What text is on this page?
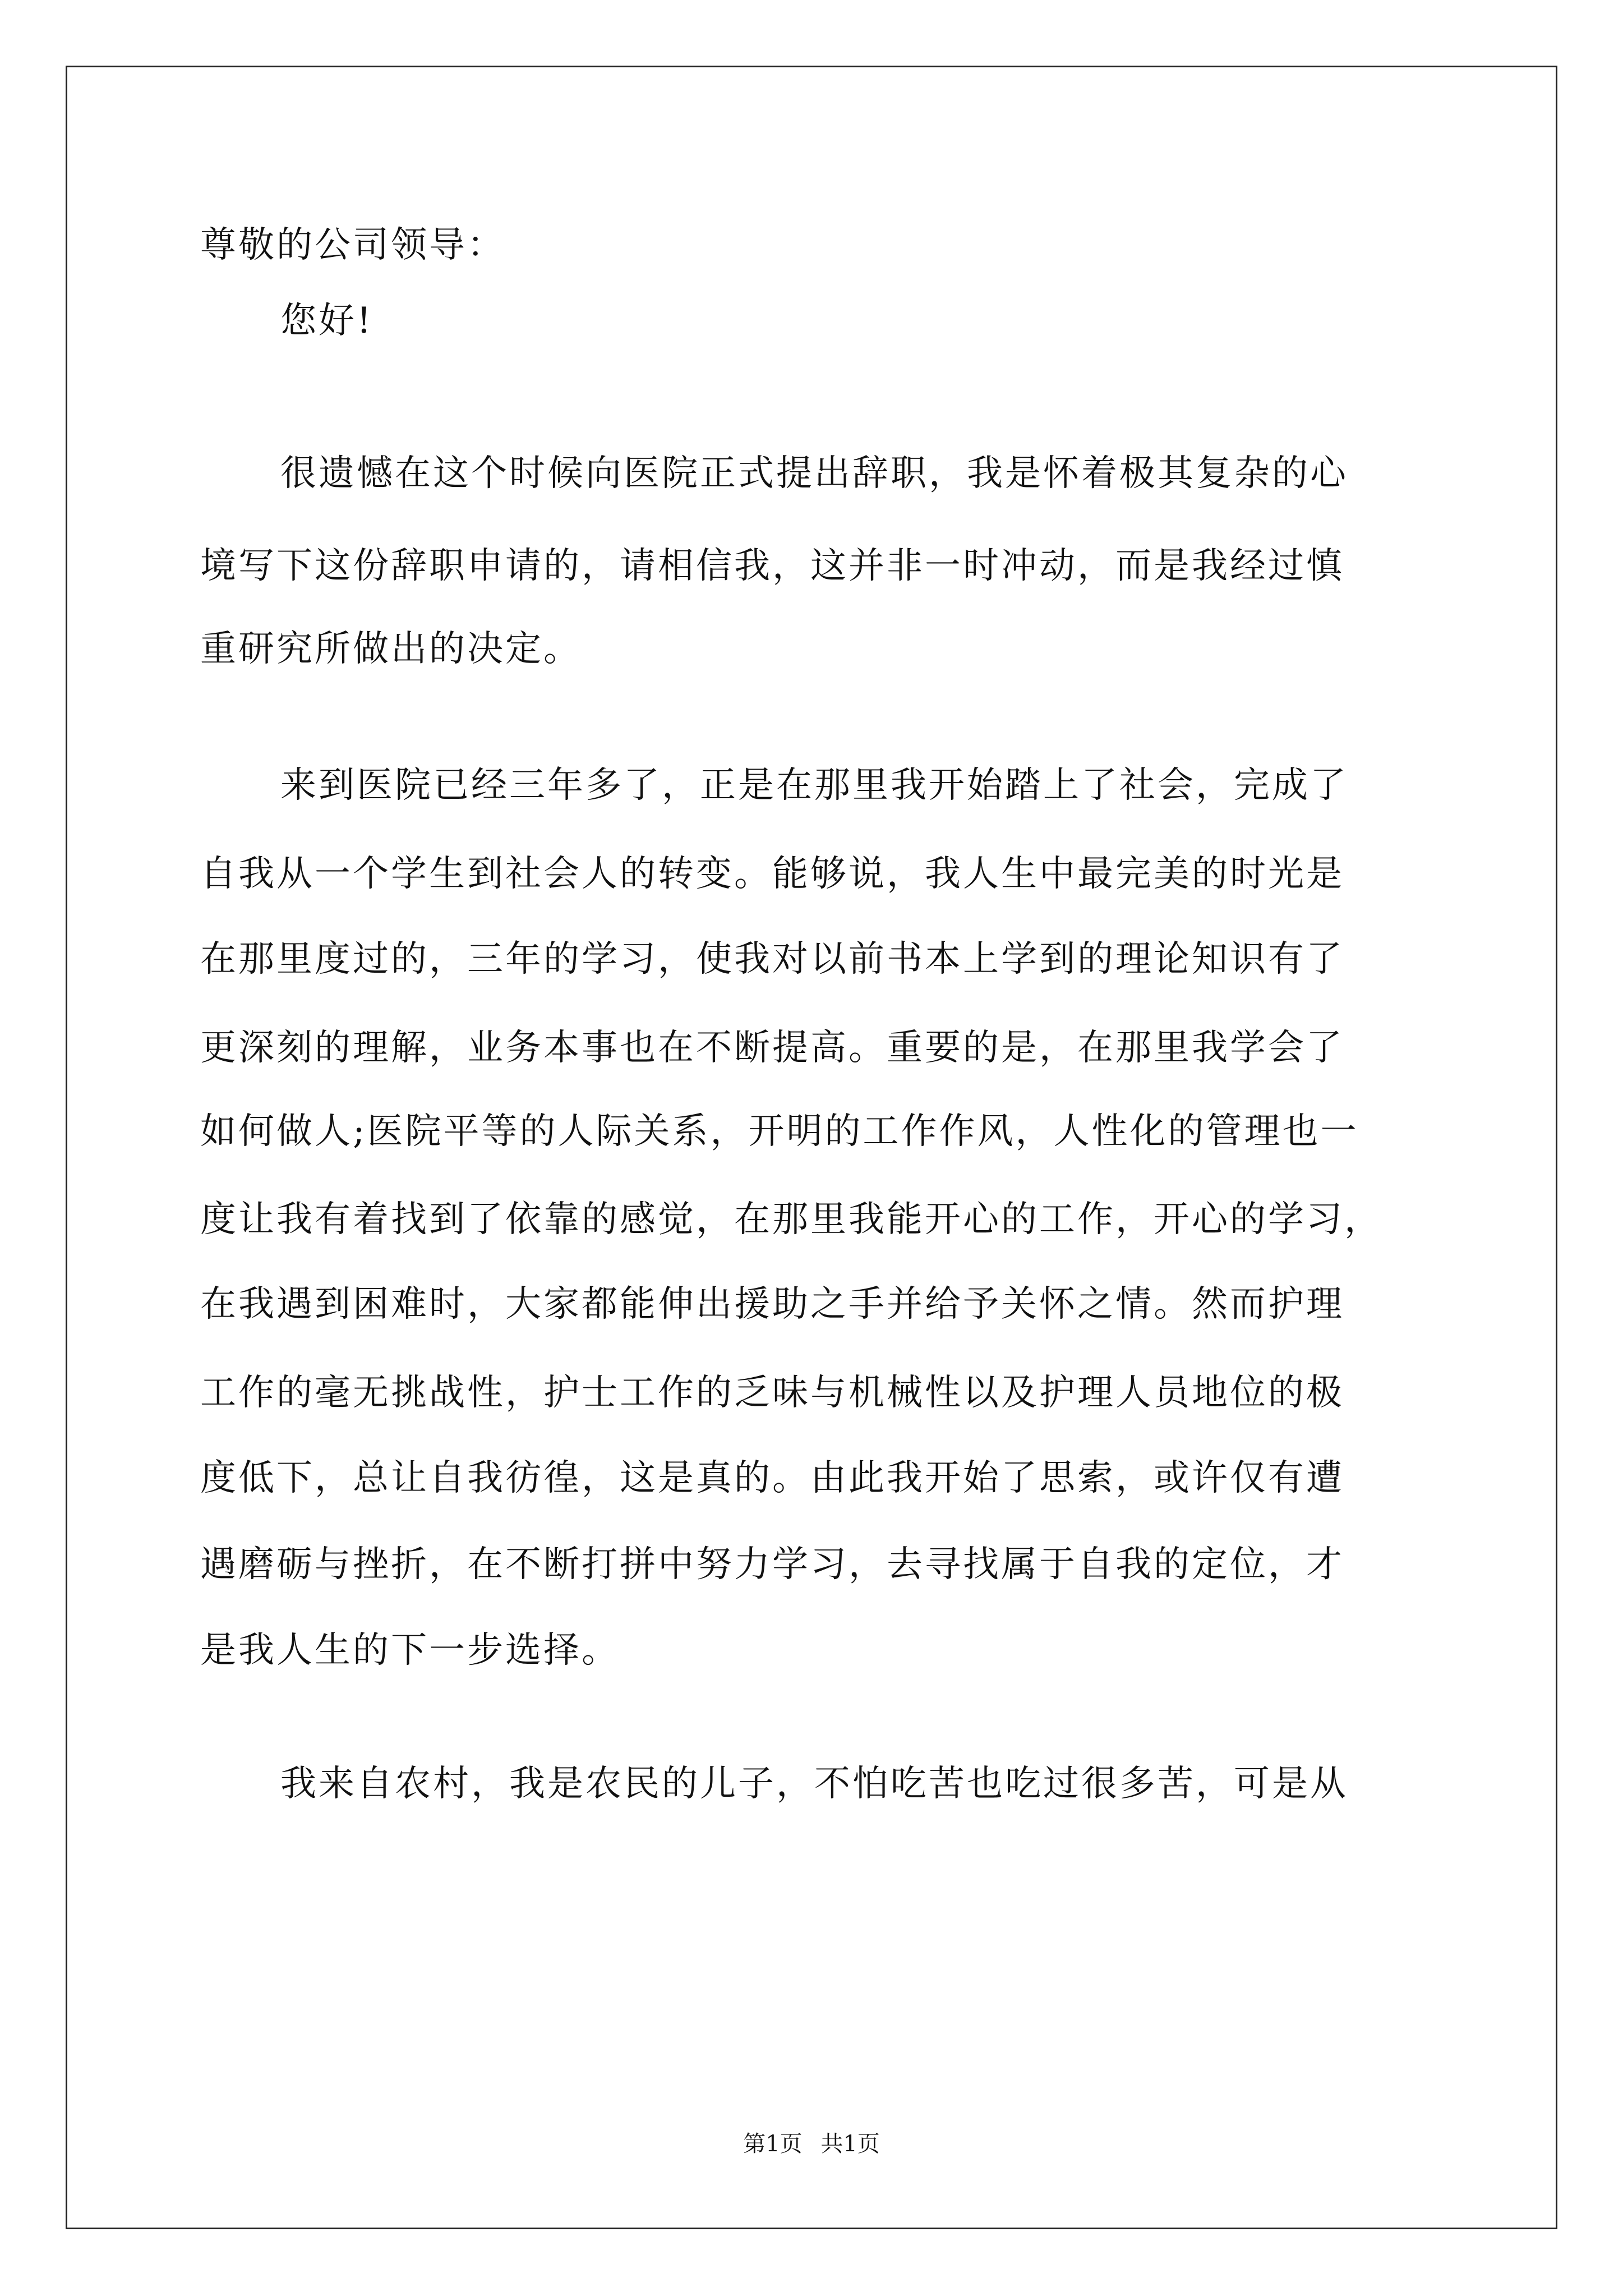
尊敬的公司领导：
您好!
很遗憾在这个时候向医院正式提出辞职，我是怀着极其复杂的心
境写下这份辞职申请的，请相信我，这并非一时冲动，而是我经过慎
重研究所做出的决定。
来到医院已经三年多了，正是在那里我开始踏上了社会，完成了
自我从一个学生到社会人的转变。能够说，我人生中最完美的时光是
在那里度过的，三年的学习，使我对以前书本上学到的理论知识有了
更深刻的理解，业务本事也在不断提高。重要的是，在那里我学会了
如何做人;医院平等的人际关系，开明的工作作风，人性化的管理也一
度让我有着找到了依靠的感觉，在那里我能开心的工作，开心的学习，
在我遇到困难时，大家都能伸出援助之手并给予关怀之情。然而护理
工作的毫无挑战性，护士工作的乏味与机械性以及护理人员地位的极
度低下，总让自我彷徨，这是真的。由此我开始了思索，或许仅有遭
遇磨砺与挫折，在不断打拼中努力学习，去寻找属于自我的定位，才
是我人生的下一步选择。
我来自农村，我是农民的儿子，不怕吃苦也吃过很多苦，可是从
第1页 共1页
